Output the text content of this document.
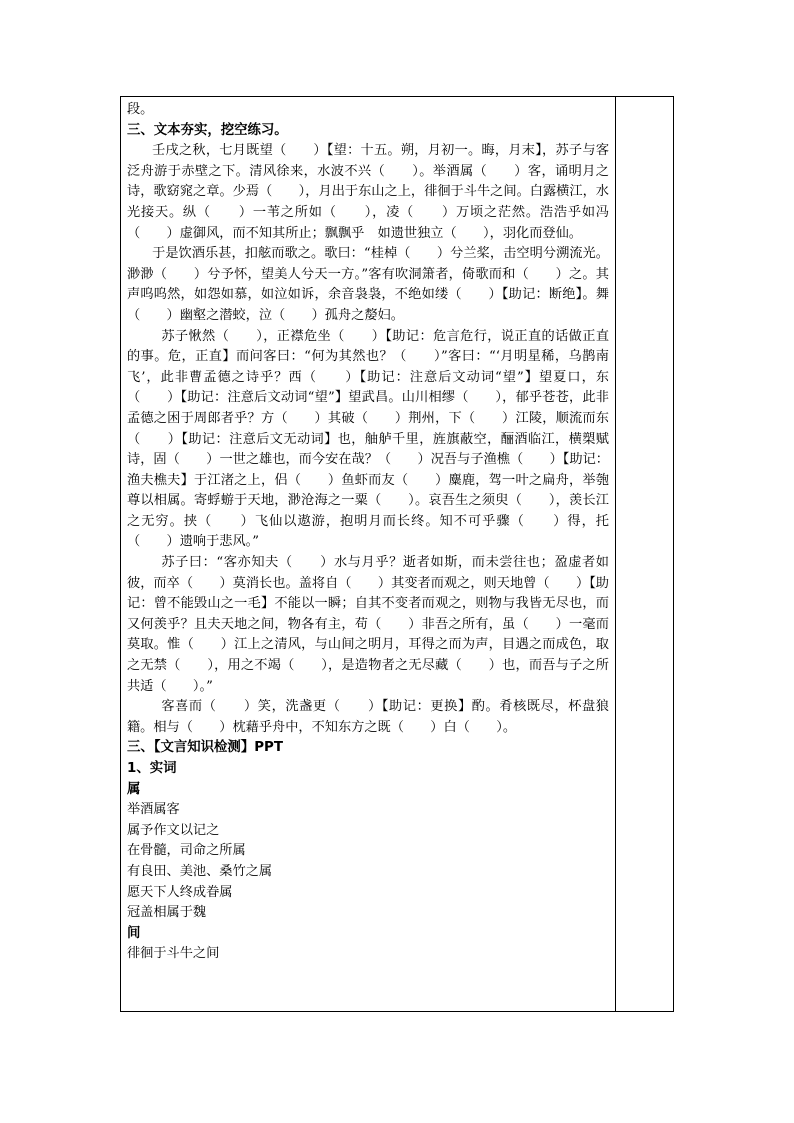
段。

三、文本夯实，挖空练习。

壬戌之秋，七月既望（　　）【望：十五。朔，月初一。晦，月末】，苏子与客泛舟游于赤壁之下。清风徐来，水波不兴（　　）。举酒属（　　）客，诵明月之诗，歌窈窕之章。少焉（　　），月出于东山之上，徘徊于斗牛之间。白露横江，水光接天。纵（　　）一苇之所如（　　），凌（　　）万顷之茫然。浩浩乎如冯（　　）虚御风，而不知其所止；飘飘乎　如遗世独立（　　），羽化而登仙。

于是饮酒乐甚，扣舷而歌之。歌曰：“桂棹（　　）兮兰桨，击空明兮溯流光。渺渺（　　）兮予怀，望美人兮天一方。”客有吹洞箫者，倚歌而和（　　）之。其声呜呜然，如怨如慕，如泣如诉，余音袅袅，不绝如缕（　　）【助记：断绝】。舞（　　）幽壑之潜蛟，泣（　　）孤舟之嫠妇。

苏子愀然（　　），正襟危坐（　　）【助记：危言危行，说正直的话做正直的事。危，正直】而问客曰：“何为其然也？（　　）”客曰：“‘月明星稀，乌鹊南飞’，此非曹孟德之诗乎？西（　　）【助记：注意后文动词“望”】望夏口，东（　　）【助记：注意后文动词“望”】望武昌。山川相缪（　　），郁乎苍苍，此非孟德之困于周郎者乎？方（　　）其破（　　）荆州，下（　　）江陵，顺流而东（　　）【助记：注意后文无动词】也，舳舻千里，旌旗蔽空，酾酒临江，横槊赋诗，固（　　）一世之雄也，而今安在哉？（　　）况吾与子渔樵（　　）【助记：渔夫樵夫】于江渚之上，侣（　　）鱼虾而友（　　）麋鹿，驾一叶之扁舟，举匏尊以相属。寄蜉蝣于天地，渺沧海之一粟（　　）。哀吾生之须臾（　　），羡长江之无穷。挟（　　）飞仙以遨游，抱明月而长终。知不可乎骤（　　）得，托（　　）遗响于悲风。”

苏子曰：“客亦知夫（　　）水与月乎？逝者如斯，而未尝往也；盈虚者如彼，而卒（　　）莫消长也。盖将自（　　）其变者而观之，则天地曾（　　）【助记：曾不能毁山之一毛】不能以一瞬；自其不变者而观之，则物与我皆无尽也，而又何羡乎？且夫天地之间，物各有主，苟（　　）非吾之所有，虽（　　）一毫而莫取。惟（　　）江上之清风，与山间之明月，耳得之而为声，目遇之而成色，取之无禁（　　），用之不竭（　　），是造物者之无尽藏（　　）也，而吾与子之所共适（　　）。”

客喜而（　　）笑，洗盏更（　　）【助记：更换】酌。肴核既尽，杯盘狼籍。相与（　　）枕藉乎舟中，不知东方之既（　　）白（　　）。

三、【文言知识检测】PPT

1、实词

属

举酒属客

属予作文以记之

在骨髓，司命之所属

有良田、美池、桑竹之属

愿天下人终成眷属

冠盖相属于魏

间

徘徊于斗牛之间
